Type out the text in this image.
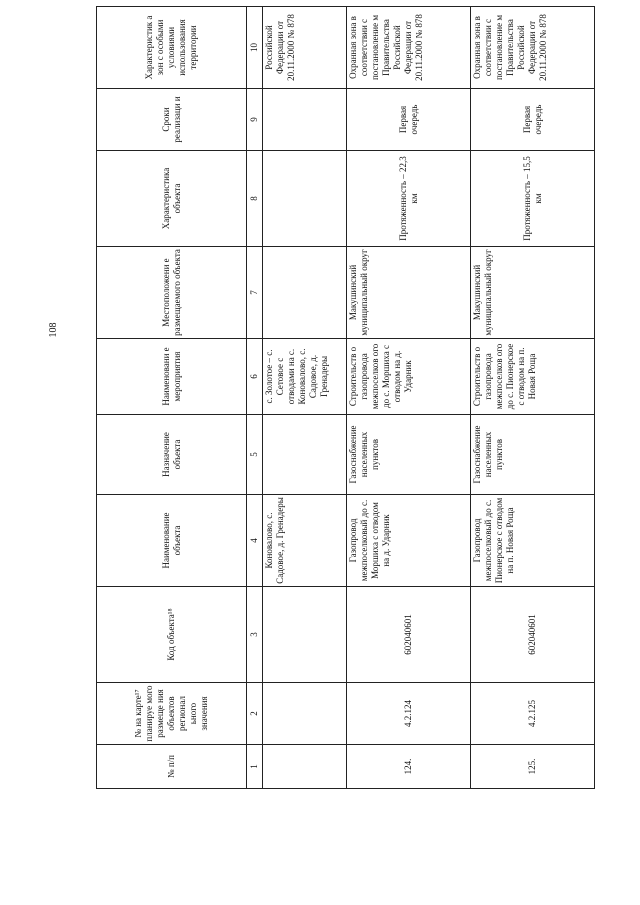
108
№ п/п	№ на карте¹⁷ планируе мого размеще ния объектов регионал ьного значения	Код объекта¹⁸	Наименование объекта	Назначение объекта	Наименовани е мероприятия	Местоположени е размещаемого объекта	Характеристика объекта	Сроки реализаци и	Характеристик а зон с особыми условиями использования территории
1	2	3	4	5	6	7	8	9	10
			Коноваловo, с. Садовое, д. Гренадеры		с. Золотое – с. Сетовое с отводами на с. Коноваловo, с. Садовое, д. Гренадеры				Российской Федерации от 20.11.2000 № 878
124.	4.2.124	602040601	Газопровод межпоселковый до с. Моршиха с отводом на д. Ударник	Газоснабжение населенных пунктов	Строительств о газопровода межпоселков ого до с. Моршиха с отводом на д. Ударник	Макушинский муниципальный округ	Протяженность – 22,3 км	Первая очередь	Охранная зона в соответствии с постановление м Правительства Российской Федерации от 20.11.2000 № 878
125.	4.2.125	602040601	Газопровод межпоселковый до с. Пионерское с отводом на п. Новая Роща	Газоснабжение населенных пунктов	Строительств о газопровода межпоселков ого до с. Пионерское с отводом на п. Новая Роща	Макушинский муниципальный округ	Протяженность – 15,5 км	Первая очередь	Охранная зона в соответствии с постановление м Правительства Российской Федерации от 20.11.2000 № 878
